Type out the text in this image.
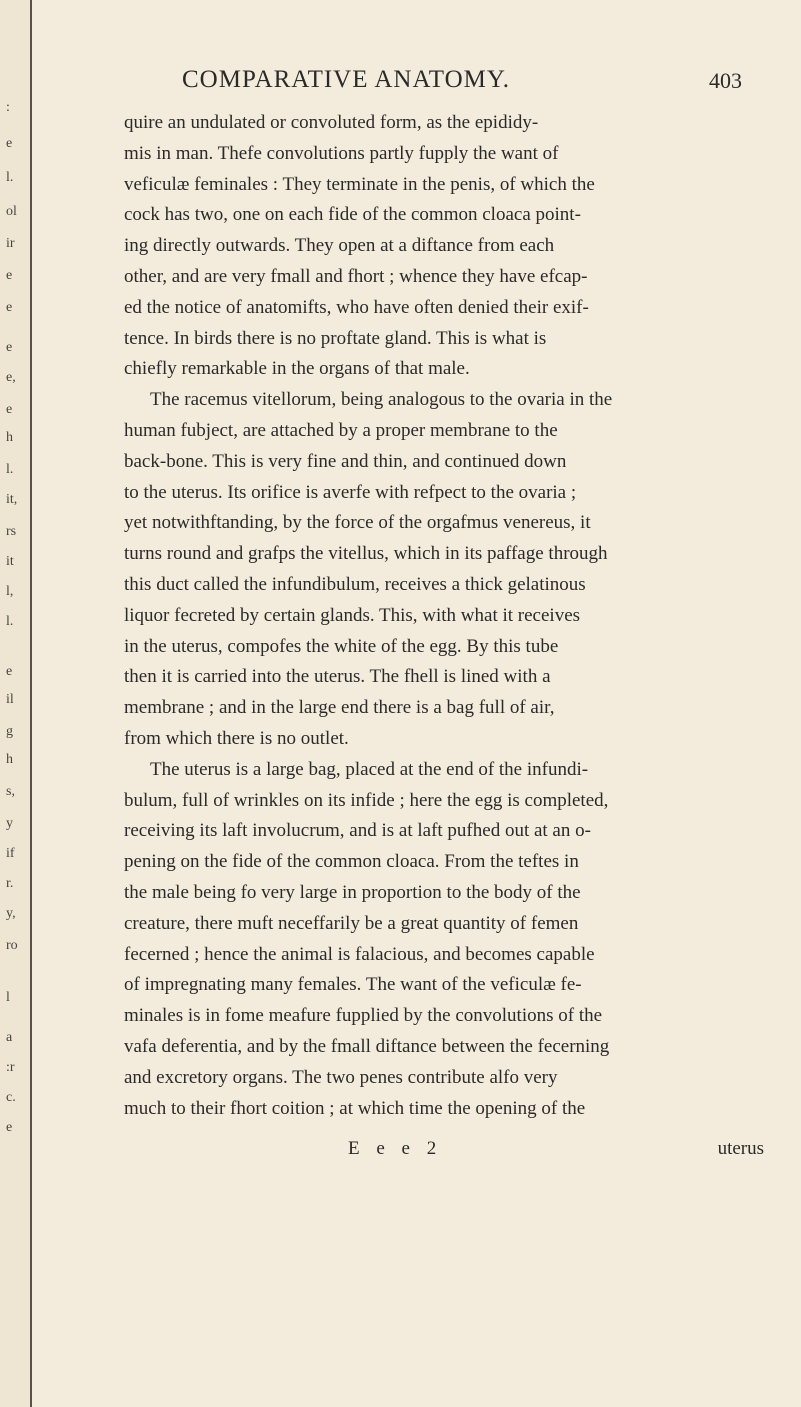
:
e
l.
ol
ir
e
e
e
e,
e
h
l.
it,
rs
it
l,
l.
e
il
g
h
s,
y
if
r.
y,
ro
l
a
:r
c.
e
COMPARATIVE ANATOMY.	403
quire an undulated or convoluted form, as the epididy-
mis in man. Thefe convolutions partly fupply the want of
veficulæ feminales : They terminate in the penis, of which the
cock has two, one on each fide of the common cloaca point-
ing directly outwards. They open at a diftance from each
other, and are very fmall and fhort ; whence they have efcap-
ed the notice of anatomifts, who have often denied their exif-
tence. In birds there is no proftate gland. This is what is
chiefly remarkable in the organs of that male.
The racemus vitellorum, being analogous to the ovaria in the
human fubject, are attached by a proper membrane to the
back-bone. This is very fine and thin, and continued down
to the uterus. Its orifice is averfe with refpect to the ovaria ;
yet notwithftanding, by the force of the orgafmus venereus, it
turns round and grafps the vitellus, which in its paffage through
this duct called the infundibulum, receives a thick gelatinous
liquor fecreted by certain glands. This, with what it receives
in the uterus, compofes the white of the egg. By this tube
then it is carried into the uterus. The fhell is lined with a
membrane ; and in the large end there is a bag full of air,
from which there is no outlet.
The uterus is a large bag, placed at the end of the infundi-
bulum, full of wrinkles on its infide ; here the egg is completed,
receiving its laft involucrum, and is at laft pufhed out at an o-
pening on the fide of the common cloaca. From the teftes in
the male being fo very large in proportion to the body of the
creature, there muft neceffarily be a great quantity of femen
fecerned ; hence the animal is falacious, and becomes capable
of impregnating many females. The want of the veficulæ fe-
minales is in fome meafure fupplied by the convolutions of the
vafa deferentia, and by the fmall diftance between the fecerning
and excretory organs. The two penes contribute alfo very
much to their fhort coition ; at which time the opening of the
E e e 2	uterus
